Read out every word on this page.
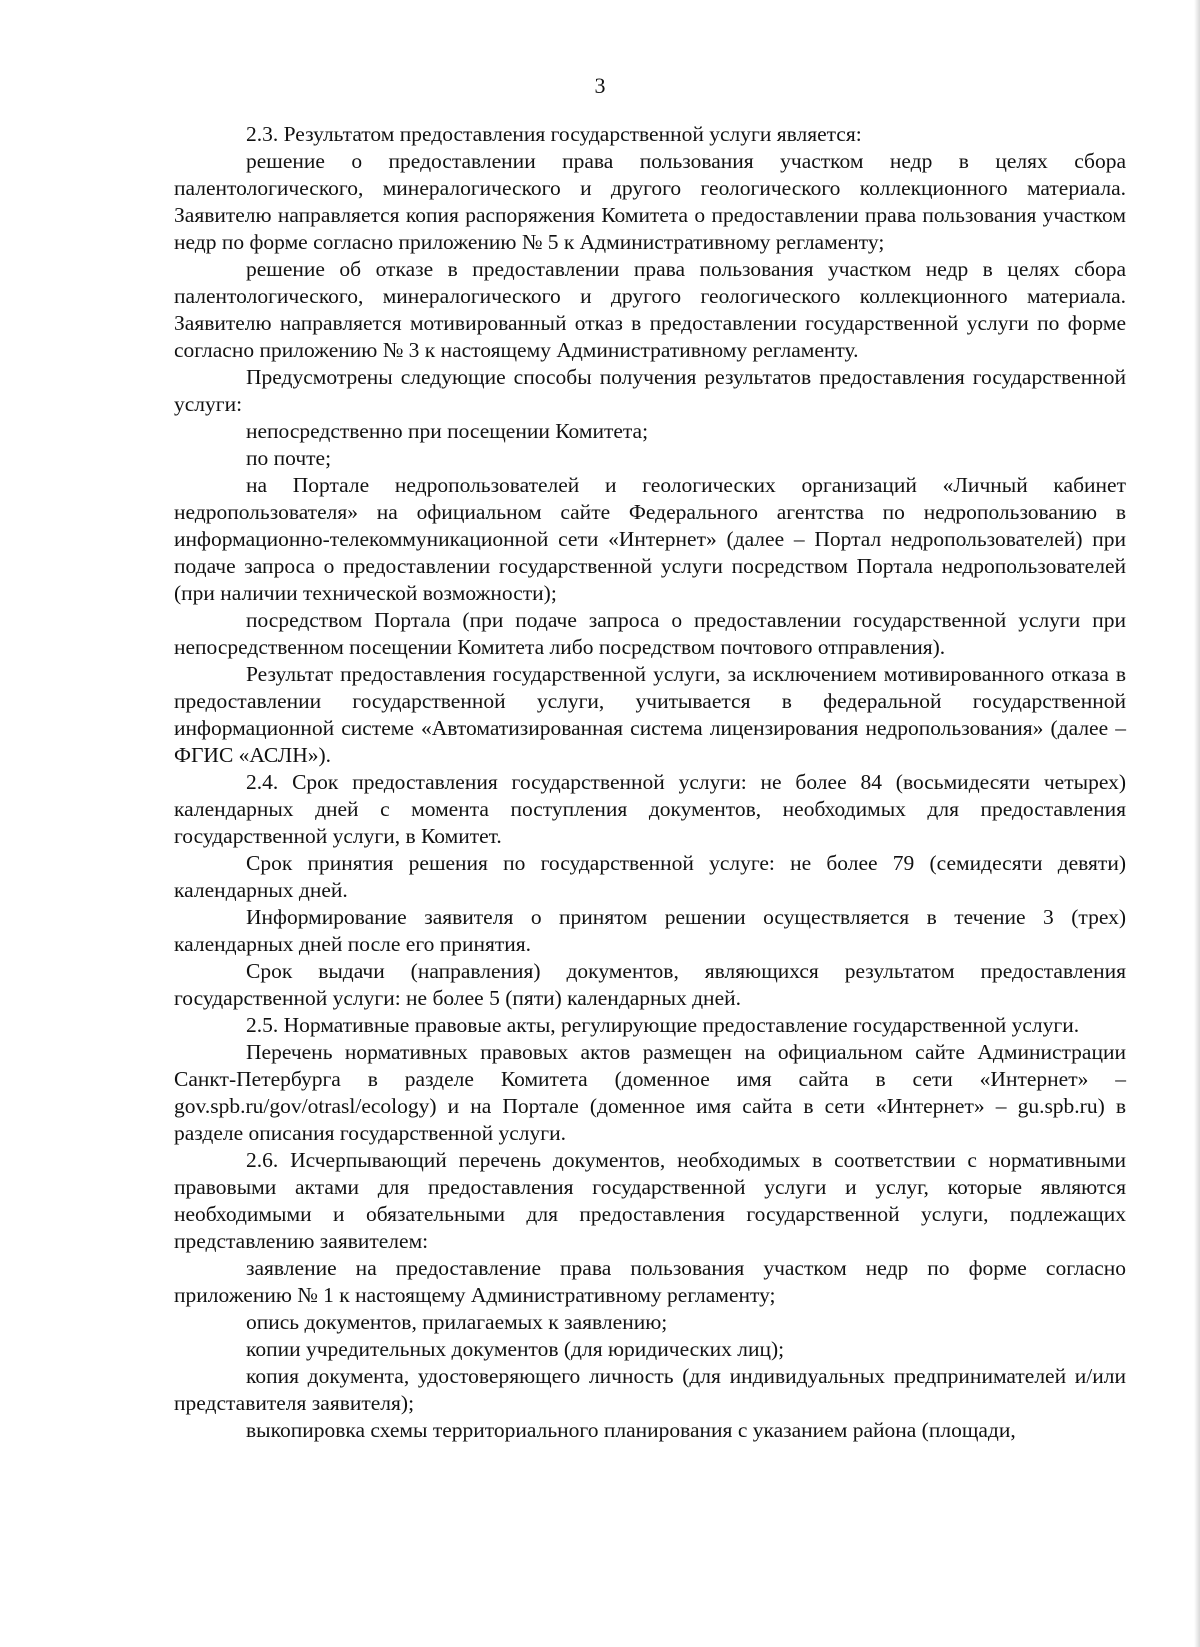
3

2.3. Результатом предоставления государственной услуги является:

решение о предоставлении права пользования участком недр в целях сбора палентологического, минералогического и другого геологического коллекционного материала. Заявителю направляется копия распоряжения Комитета о предоставлении права пользования участком недр по форме согласно приложению № 5 к Административному регламенту;

решение об отказе в предоставлении права пользования участком недр в целях сбора палентологического, минералогического и другого геологического коллекционного материала. Заявителю направляется мотивированный отказ в предоставлении государственной услуги по форме согласно приложению № 3 к настоящему Административному регламенту.

Предусмотрены следующие способы получения результатов предоставления государственной услуги:

непосредственно при посещении Комитета;

по почте;

на Портале недропользователей и геологических организаций «Личный кабинет недропользователя» на официальном сайте Федерального агентства по недропользованию в информационно-телекоммуникационной сети «Интернет» (далее – Портал недропользователей) при подаче запроса о предоставлении государственной услуги посредством Портала недропользователей (при наличии технической возможности);

посредством Портала (при подаче запроса о предоставлении государственной услуги при непосредственном посещении Комитета либо посредством почтового отправления).

Результат предоставления государственной услуги, за исключением мотивированного отказа в предоставлении государственной услуги, учитывается в федеральной государственной информационной системе «Автоматизированная система лицензирования недропользования» (далее – ФГИС «АСЛН»).

2.4. Срок предоставления государственной услуги: не более 84 (восьмидесяти четырех) календарных дней с момента поступления документов, необходимых для предоставления государственной услуги, в Комитет.

Срок принятия решения по государственной услуге: не более 79 (семидесяти девяти) календарных дней.

Информирование заявителя о принятом решении осуществляется в течение 3 (трех) календарных дней после его принятия.

Срок выдачи (направления) документов, являющихся результатом предоставления государственной услуги: не более 5 (пяти) календарных дней.

2.5. Нормативные правовые акты, регулирующие предоставление государственной услуги.

Перечень нормативных правовых актов размещен на официальном сайте Администрации Санкт-Петербурга в разделе Комитета (доменное имя сайта в сети «Интернет» – gov.spb.ru/gov/otrasl/ecology) и на Портале (доменное имя сайта в сети «Интернет» – gu.spb.ru) в разделе описания государственной услуги.

2.6. Исчерпывающий перечень документов, необходимых в соответствии с нормативными правовыми актами для предоставления государственной услуги и услуг, которые являются необходимыми и обязательными для предоставления государственной услуги, подлежащих представлению заявителем:

заявление на предоставление права пользования участком недр по форме согласно приложению № 1 к настоящему Административному регламенту;

опись документов, прилагаемых к заявлению;

копии учредительных документов (для юридических лиц);

копия документа, удостоверяющего личность (для индивидуальных предпринимателей и/или представителя заявителя);

выкопировка схемы территориального планирования с указанием района (площади,
